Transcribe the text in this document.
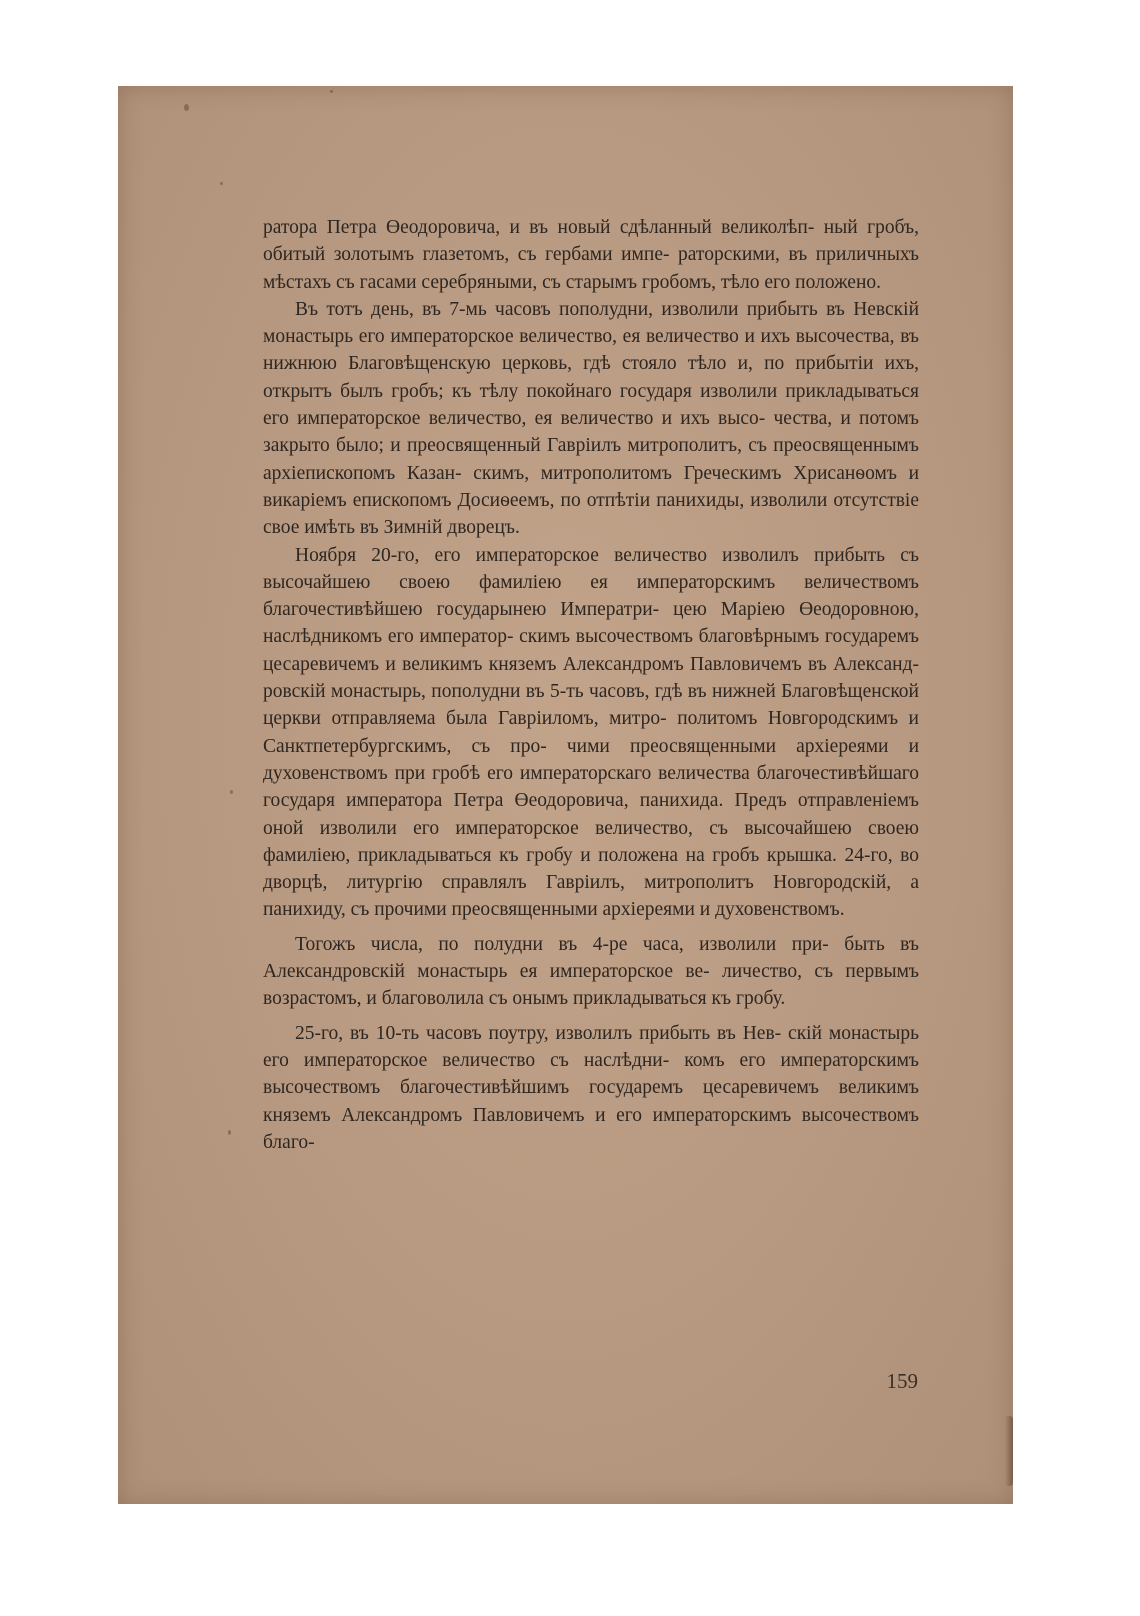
ратора Петра Өеодоровича, и въ новый сдѣланный великолѣп- ный гробъ, обитый золотымъ глазетомъ, съ гербами импе- раторскими, въ приличныхъ мѣстахъ съ гасами серебряными, съ старымъ гробомъ, тѣло его положено.

Въ тотъ день, въ 7-мь часовъ пополудни, изволили прибыть въ Невскій монастырь его императорское величество, ея величество и ихъ высочества, въ нижнюю Благовѣщенскую церковь, гдѣ стояло тѣло и, по прибытіи ихъ, открытъ былъ гробъ; къ тѣлу покойнаго государя изволили прикладываться его императорское величество, ея величество и ихъ высо- чества, и потомъ закрыто было; и преосвященный Гавріилъ митрополитъ, съ преосвященнымъ архіепископомъ Казан- скимъ, митрополитомъ Греческимъ Хрисанѳомъ и викаріемъ епископомъ Досиѳеемъ, по отпѣтіи панихиды, изволили отсутствіе свое имѣть въ Зимній дворецъ.

Ноября 20-го, его императорское величество изволилъ прибыть съ высочайшею своею фамиліею ея императорскимъ величествомъ благочестивѣйшею государынею Императри- цею Маріею Өеодоровною, наслѣдникомъ его император- скимъ высочествомъ благовѣрнымъ государемъ цесаревичемъ и великимъ княземъ Александромъ Павловичемъ въ Александ- ровскій монастырь, пополудни въ 5-ть часовъ, гдѣ въ нижней Благовѣщенской церкви отправляема была Гавріиломъ, митро- политомъ Новгородскимъ и Санктпетербургскимъ, съ про- чими преосвященными архіереями и духовенствомъ при гробѣ его императорскаго величества благочестивѣйшаго государя императора Петра Өеодоровича, панихида. Предъ отправленіемъ оной изволили его императорское величество, съ высочайшею своею фамиліею, прикладываться къ гробу и положена на гробъ крышка. 24-го, во дворцѣ, литургію справлялъ Гавріилъ, митрополитъ Новгородскій, а панихиду, съ прочими преосвященными архіереями и духовенствомъ.

Тогожъ числа, по полудни въ 4-ре часа, изволили при- быть въ Александровскій монастырь ея императорское ве- личество, съ первымъ возрастомъ, и благоволила съ онымъ прикладываться къ гробу.

25-го, въ 10-ть часовъ поутру, изволилъ прибыть въ Нев- скій монастырь его императорское величество съ наслѣдни- комъ его императорскимъ высочествомъ благочестивѣйшимъ государемъ цесаревичемъ великимъ княземъ Александромъ Павловичемъ и его императорскимъ высочествомъ благо-

159
